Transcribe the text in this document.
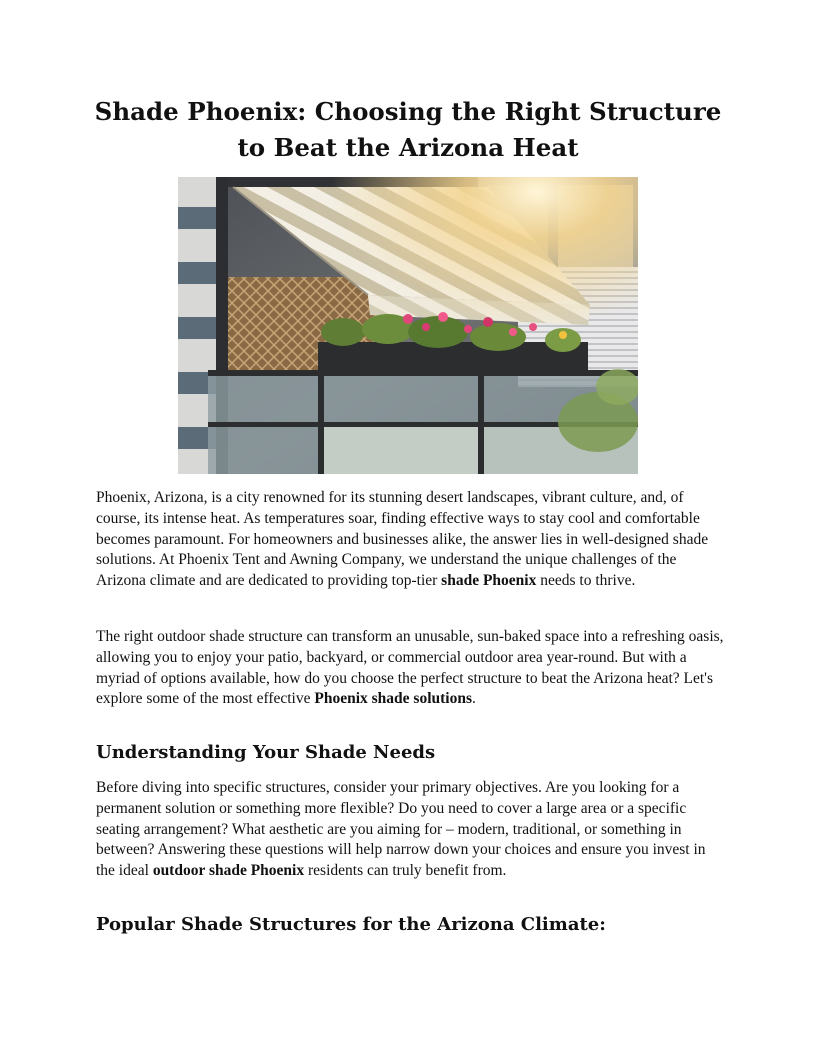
Shade Phoenix: Choosing the Right Structure to Beat the Arizona Heat

Phoenix, Arizona, is a city renowned for its stunning desert landscapes, vibrant culture, and, of course, its intense heat. As temperatures soar, finding effective ways to stay cool and comfortable becomes paramount. For homeowners and businesses alike, the answer lies in well-designed shade solutions. At Phoenix Tent and Awning Company, we understand the unique challenges of the Arizona climate and are dedicated to providing top-tier shade Phoenix needs to thrive.

The right outdoor shade structure can transform an unusable, sun-baked space into a refreshing oasis, allowing you to enjoy your patio, backyard, or commercial outdoor area year-round. But with a myriad of options available, how do you choose the perfect structure to beat the Arizona heat? Let's explore some of the most effective Phoenix shade solutions.

Understanding Your Shade Needs

Before diving into specific structures, consider your primary objectives. Are you looking for a permanent solution or something more flexible? Do you need to cover a large area or a specific seating arrangement? What aesthetic are you aiming for – modern, traditional, or something in between? Answering these questions will help narrow down your choices and ensure you invest in the ideal outdoor shade Phoenix residents can truly benefit from.

Popular Shade Structures for the Arizona Climate:
